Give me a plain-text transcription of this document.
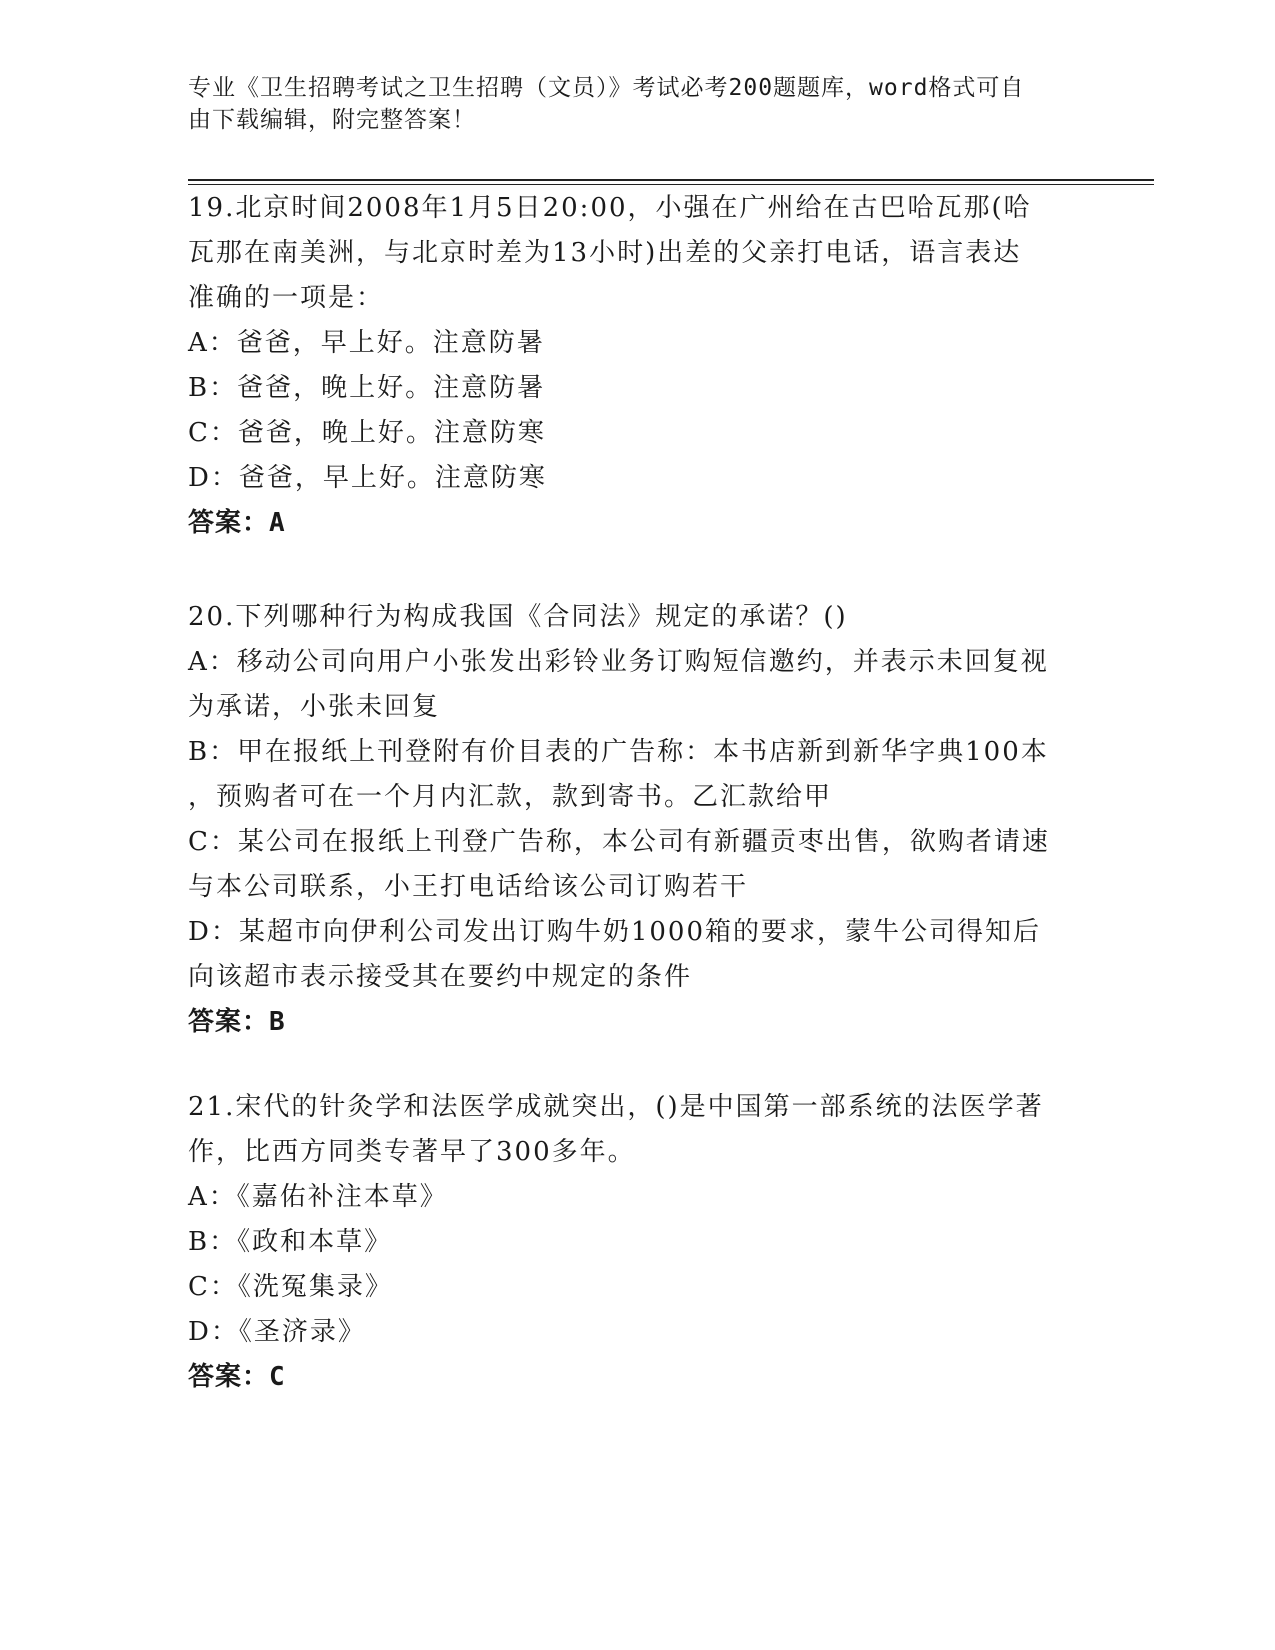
专业《卫生招聘考试之卫生招聘（文员）》考试必考200题题库，word格式可自
由下载编辑，附完整答案！

19.北京时间2008年1月5日20:00，小强在广州给在古巴哈瓦那(哈

瓦那在南美洲，与北京时差为13小时)出差的父亲打电话，语言表达

准确的一项是：

A：爸爸，早上好。注意防暑

B：爸爸，晚上好。注意防暑

C：爸爸，晚上好。注意防寒

D：爸爸，早上好。注意防寒

答案：A

20.下列哪种行为构成我国《合同法》规定的承诺？()

A：移动公司向用户小张发出彩铃业务订购短信邀约，并表示未回复视

为承诺，小张未回复

B：甲在报纸上刊登附有价目表的广告称：本书店新到新华字典100本

，预购者可在一个月内汇款，款到寄书。乙汇款给甲

C：某公司在报纸上刊登广告称，本公司有新疆贡枣出售，欲购者请速

与本公司联系，小王打电话给该公司订购若干

D：某超市向伊利公司发出订购牛奶1000箱的要求，蒙牛公司得知后

向该超市表示接受其在要约中规定的条件

答案：B

21.宋代的针灸学和法医学成就突出，()是中国第一部系统的法医学著

作，比西方同类专著早了300多年。

A：《嘉佑补注本草》

B：《政和本草》

C：《洗冤集录》

D：《圣济录》

答案：C
